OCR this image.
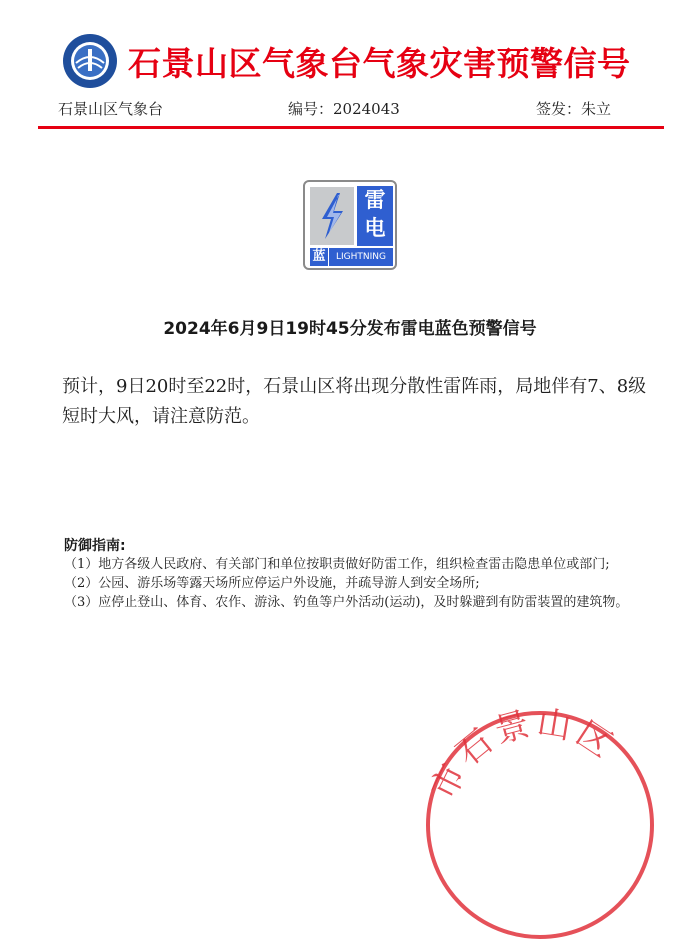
石景山区气象台气象灾害预警信号
石景山区气象台	编号：2024043	签发：朱立
雷
电
蓝	LIGHTNING
2024年6月9日19时45分发布雷电蓝色预警信号

预计，9日20时至22时，石景山区将出现分散性雷阵雨，局地伴有7、8级短时大风，请注意防范。

防御指南:
（1）地方各级人民政府、有关部门和单位按职责做好防雷工作，组织检查雷击隐患单位或部门;
（2）公园、游乐场等露天场所应停运户外设施，并疏导游人到安全场所;
（3）应停止登山、体育、农作、游泳、钓鱼等户外活动(运动)，及时躲避到有防雷装置的建筑物。
市石景山区
